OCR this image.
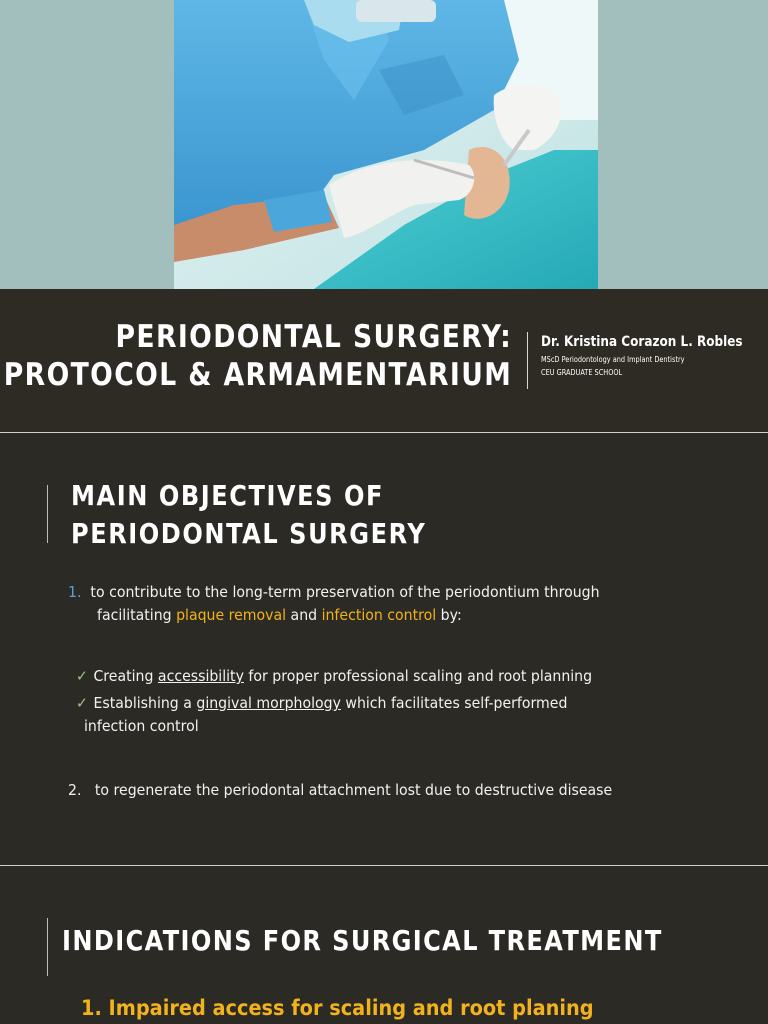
PERIODONTAL SURGERY:
PROTOCOL & ARMAMENTARIUM
Dr. Kristina Corazon L. Robles
MScD Periodontology and Implant Dentistry
CEU GRADUATE SCHOOL
MAIN OBJECTIVES OF
PERIODONTAL SURGERY
1. to contribute to the long-term preservation of the periodontium through
facilitating plaque removal and infection control by:
✓ Creating accessibility for proper professional scaling and root planning
✓ Establishing a gingival morphology which facilitates self-performed
infection control
2. to regenerate the periodontal attachment lost due to destructive disease
INDICATIONS FOR SURGICAL TREATMENT
1. Impaired access for scaling and root planing
